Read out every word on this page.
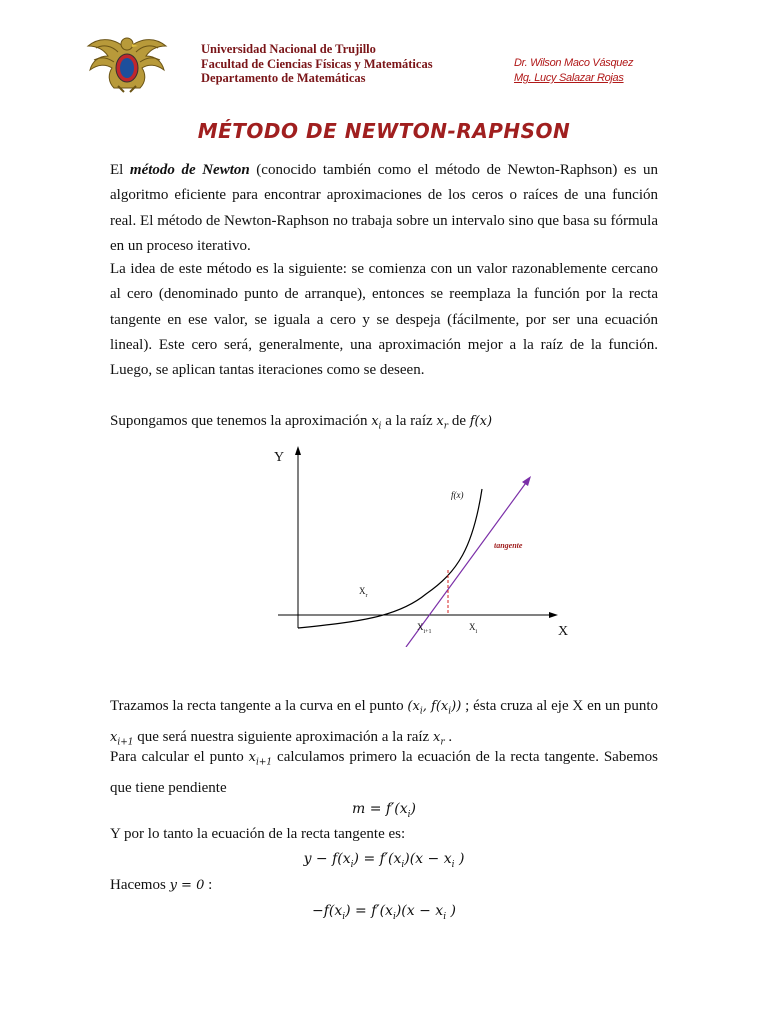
Universidad Nacional de Trujillo
Facultad de Ciencias Físicas y Matemáticas
Departamento de Matemáticas
Dr. Wilson Maco Vásquez
Mg. Lucy Salazar Rojas
MÉTODO DE NEWTON-RAPHSON

El método de Newton (conocido también como el método de Newton-Raphson) es un algoritmo eficiente para encontrar aproximaciones de los ceros o raíces de una función real. El método de Newton-Raphson no trabaja sobre un intervalo sino que basa su fórmula en un proceso iterativo.

La idea de este método es la siguiente: se comienza con un valor razonablemente cercano al cero (denominado punto de arranque), entonces se reemplaza la función por la recta tangente en ese valor, se iguala a cero y se despeja (fácilmente, por ser una ecuación lineal). Este cero será, generalmente, una aproximación mejor a la raíz de la función. Luego, se aplican tantas iteraciones como se deseen.

Supongamos que tenemos la aproximación $x_i$ a la raíz $x_r$ de f(x)
Y
X
f(x)
tangente
$X_r$
$X_{i+1}$	$X_i$

Trazamos la recta tangente a la curva en el punto ($x_i$, $f(x_i)$) ; ésta cruza al eje X en un punto $x_{i+1}$ que será nuestra siguiente aproximación a la raíz $x_r$ .

Para calcular el punto $x_{i+1}$ calculamos primero la ecuación de la recta tangente. Sabemos que tiene pendiente

$m = f'(x_i)$
Y por lo tanto la ecuación de la recta tangente es:
$y - f(x_i) = f'(x_i)(x - x_i$ )
Hacemos y = 0 :
$-f(x_i) = f'(x_i)(x - x_i$ )
